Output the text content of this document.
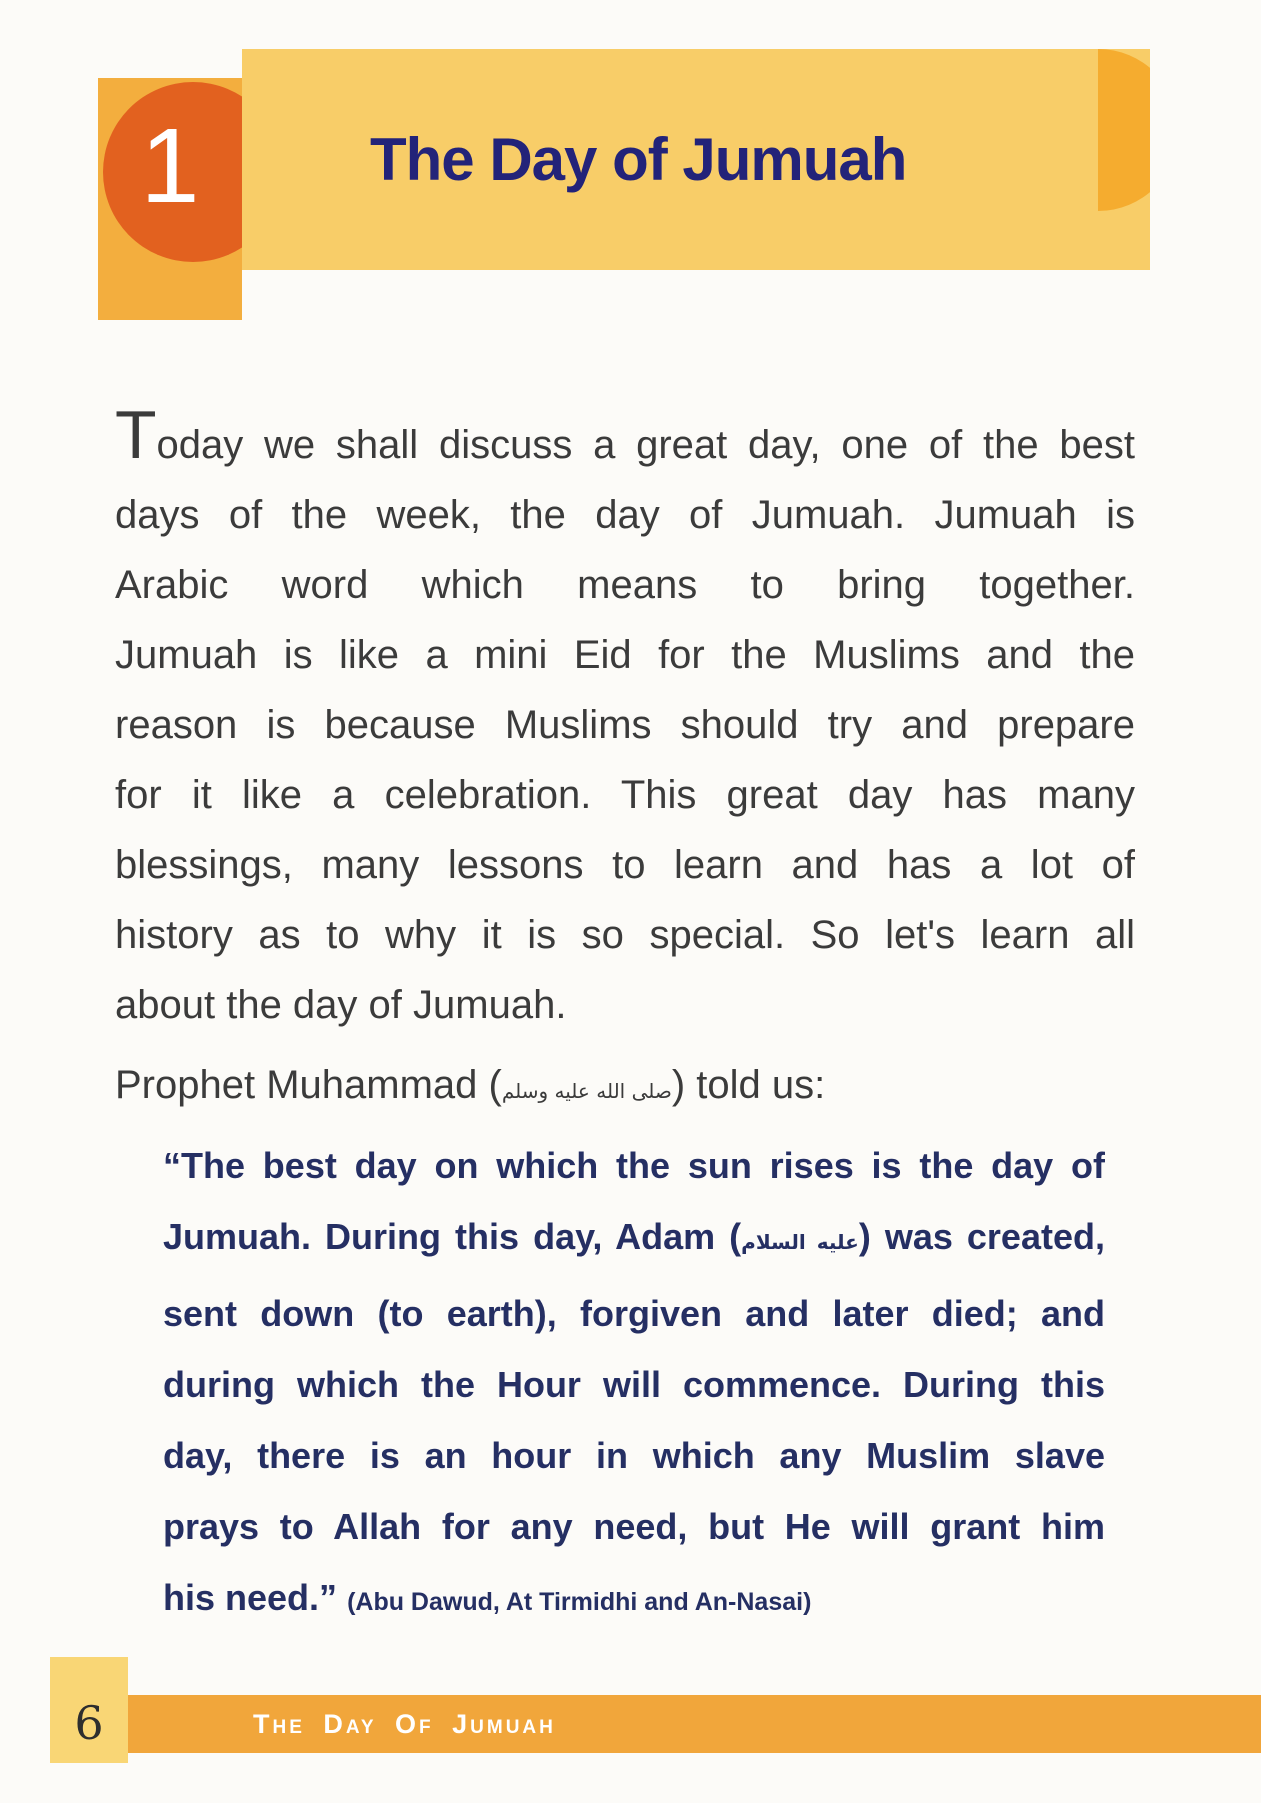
1	The Day of Jumuah
Today we shall discuss a great day, one of the best
days of the week, the day of Jumuah. Jumuah is
Arabic word which means to bring together.
Jumuah is like a mini Eid for the Muslims and the
reason is because Muslims should try and prepare
for it like a celebration. This great day has many
blessings, many lessons to learn and has a lot of
history as to why it is so special. So let's learn all
about the day of Jumuah.
Prophet Muhammad (صلى الله عليه وسلم) told us:
“The best day on which the sun rises is the day of
Jumuah. During this day, Adam (عليه السلام) was created,
sent down (to earth), forgiven and later died; and
during which the Hour will commence. During this
day, there is an hour in which any Muslim slave
prays to Allah for any need, but He will grant him
his need.” (Abu Dawud, At Tirmidhi and An-Nasai)
6	The Day Of Jumuah
